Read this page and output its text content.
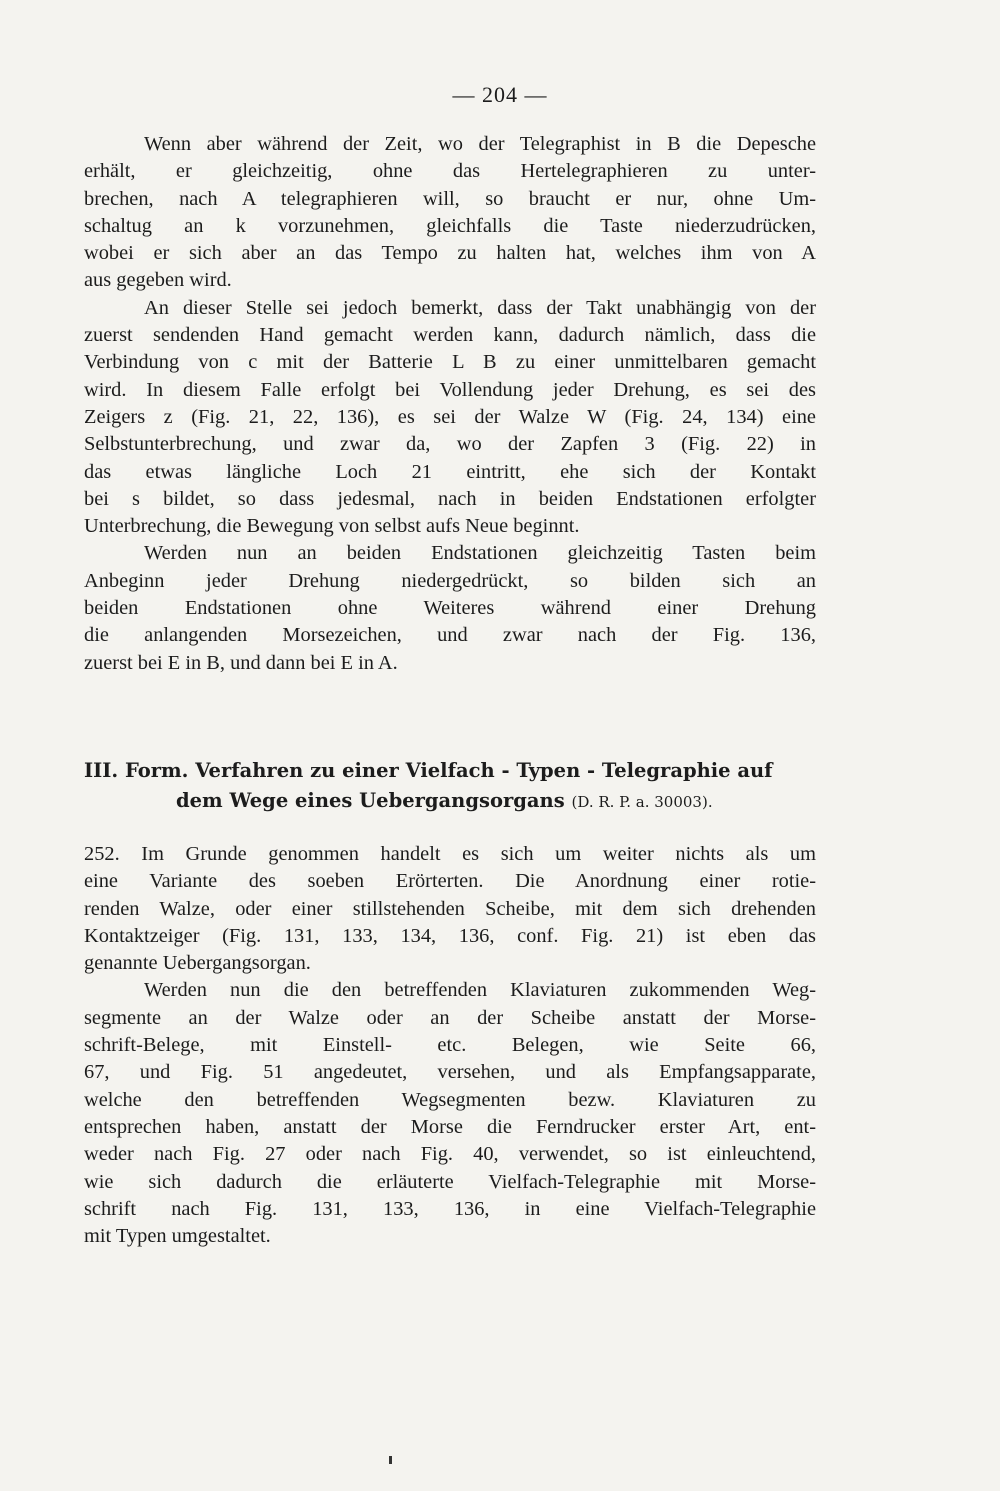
— 204 —
Wenn aber während der Zeit, wo der Telegraphist in B die Depesche
erhält, er gleichzeitig, ohne das Hertelegraphieren zu unter-
brechen, nach A telegraphieren will, so braucht er nur, ohne Um-
schaltug an k vorzunehmen, gleichfalls die Taste niederzudrücken,
wobei er sich aber an das Tempo zu halten hat, welches ihm von A
aus gegeben wird.
An dieser Stelle sei jedoch bemerkt, dass der Takt unabhängig von der
zuerst sendenden Hand gemacht werden kann, dadurch nämlich, dass die
Verbindung von c mit der Batterie L B zu einer unmittelbaren gemacht
wird. In diesem Falle erfolgt bei Vollendung jeder Drehung, es sei des
Zeigers z (Fig. 21, 22, 136), es sei der Walze W (Fig. 24, 134) eine
Selbstunterbrechung, und zwar da, wo der Zapfen 3 (Fig. 22) in
das etwas längliche Loch 21 eintritt, ehe sich der Kontakt
bei s bildet, so dass jedesmal, nach in beiden Endstationen erfolgter
Unterbrechung, die Bewegung von selbst aufs Neue beginnt.
Werden nun an beiden Endstationen gleichzeitig Tasten beim
Anbeginn jeder Drehung niedergedrückt, so bilden sich an
beiden Endstationen ohne Weiteres während einer Drehung
die anlangenden Morsezeichen, und zwar nach der Fig. 136,
zuerst bei E in B, und dann bei E in A.
III. Form. Verfahren zu einer Vielfach - Typen - Telegraphie auf
dem Wege eines Uebergangsorgans (D. R. P. a. 30003).
252. Im Grunde genommen handelt es sich um weiter nichts als um
eine Variante des soeben Erörterten. Die Anordnung einer rotie-
renden Walze, oder einer stillstehenden Scheibe, mit dem sich drehenden
Kontaktzeiger (Fig. 131, 133, 134, 136, conf. Fig. 21) ist eben das
genannte Uebergangsorgan.
Werden nun die den betreffenden Klaviaturen zukommenden Weg-
segmente an der Walze oder an der Scheibe anstatt der Morse-
schrift-Belege, mit Einstell- etc. Belegen, wie Seite 66,
67, und Fig. 51 angedeutet, versehen, und als Empfangsapparate,
welche den betreffenden Wegsegmenten bezw. Klaviaturen zu
entsprechen haben, anstatt der Morse die Ferndrucker erster Art, ent-
weder nach Fig. 27 oder nach Fig. 40, verwendet, so ist einleuchtend,
wie sich dadurch die erläuterte Vielfach-Telegraphie mit Morse-
schrift nach Fig. 131, 133, 136, in eine Vielfach-Telegraphie
mit Typen umgestaltet.
